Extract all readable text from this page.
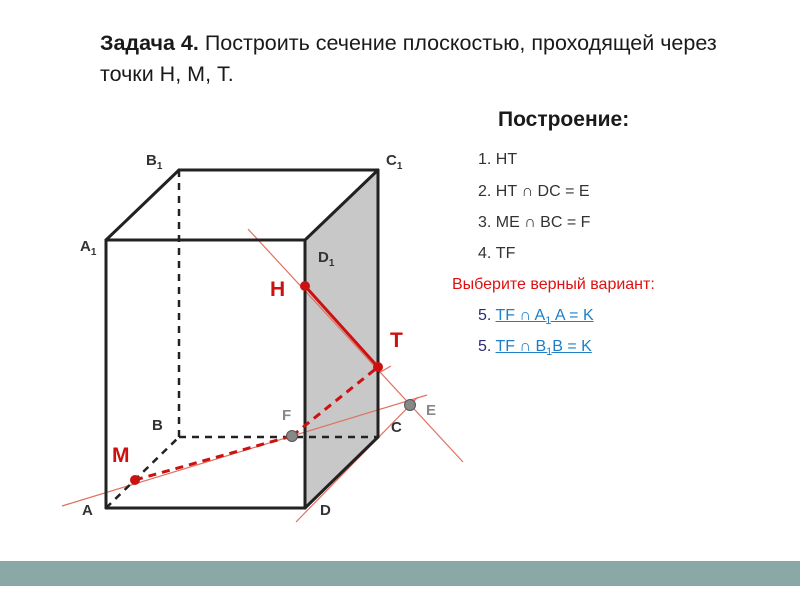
Задача 4. Построить сечение плоскостью, проходящей через точки Н, М, Т.
A
B	C
D
$A_1$
$B_1$	$C_1$
$D_1$
H
T
M
F	E
Построение:
1. НТ
2. НТ ∩ DC = E
3. МE ∩ BC = F
4. ТF
Выберите верный вариант:
5. TF ∩ $A_1$ A = K
5. TF ∩ $B_1B = K$
